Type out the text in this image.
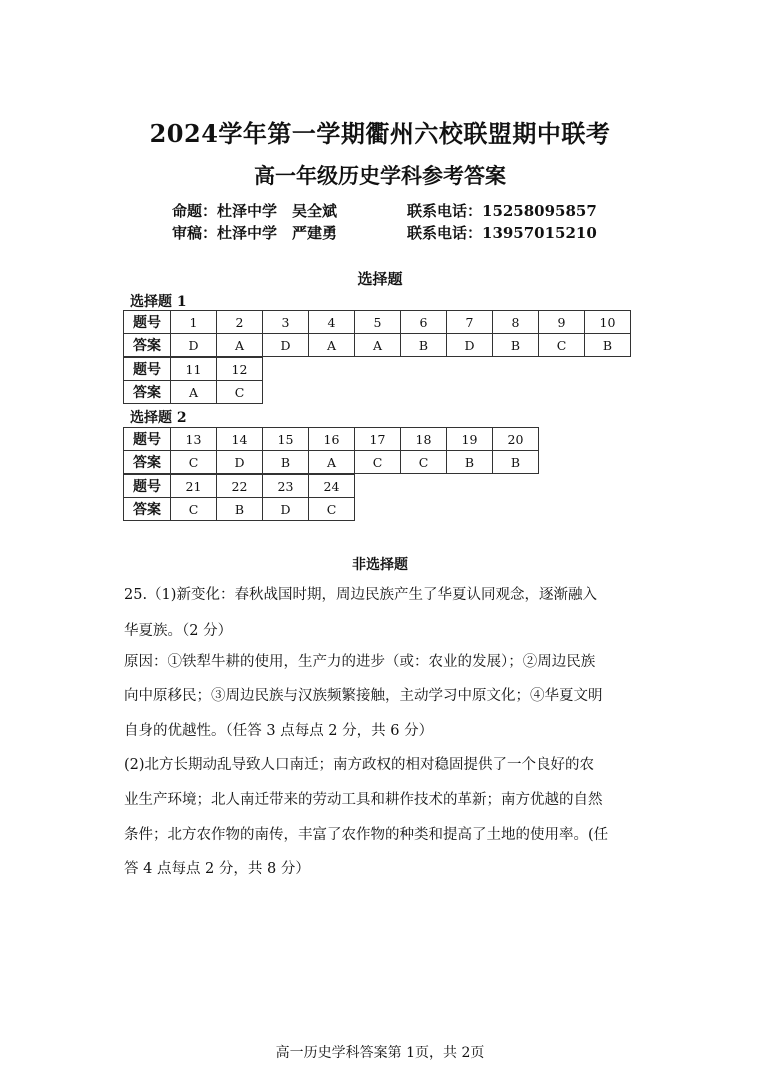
2024学年第一学期衢州六校联盟期中联考
高一年级历史学科参考答案
命题：杜泽中学　吴全斌	联系电话：15258095857
审稿：杜泽中学　严建勇	联系电话：13957015210
选择题
选择题 1
题号	1	2	3	4	5	6	7	8	9	10
答案	D	A	D	A	A	B	D	B	C	B
题号	11	12
答案	A	C
选择题 2
题号	13	14	15	16	17	18	19	20
答案	C	D	B	A	C	C	B	B
题号	21	22	23	24
答案	C	B	D	C
非选择题
25.（1)新变化：春秋战国时期，周边民族产生了华夏认同观念，逐渐融入
华夏族。（2 分）
原因：①铁犁牛耕的使用，生产力的进步（或：农业的发展）；②周边民族
向中原移民；③周边民族与汉族频繁接触，主动学习中原文化；④华夏文明
自身的优越性。（任答 3 点每点 2 分，共 6 分）
(2)北方长期动乱导致人口南迁；南方政权的相对稳固提供了一个良好的农
业生产环境；北人南迁带来的劳动工具和耕作技术的革新；南方优越的自然
条件；北方农作物的南传，丰富了农作物的种类和提高了土地的使用率。(任
答 4 点每点 2 分，共 8 分）
高一历史学科答案第 1页，共 2页
